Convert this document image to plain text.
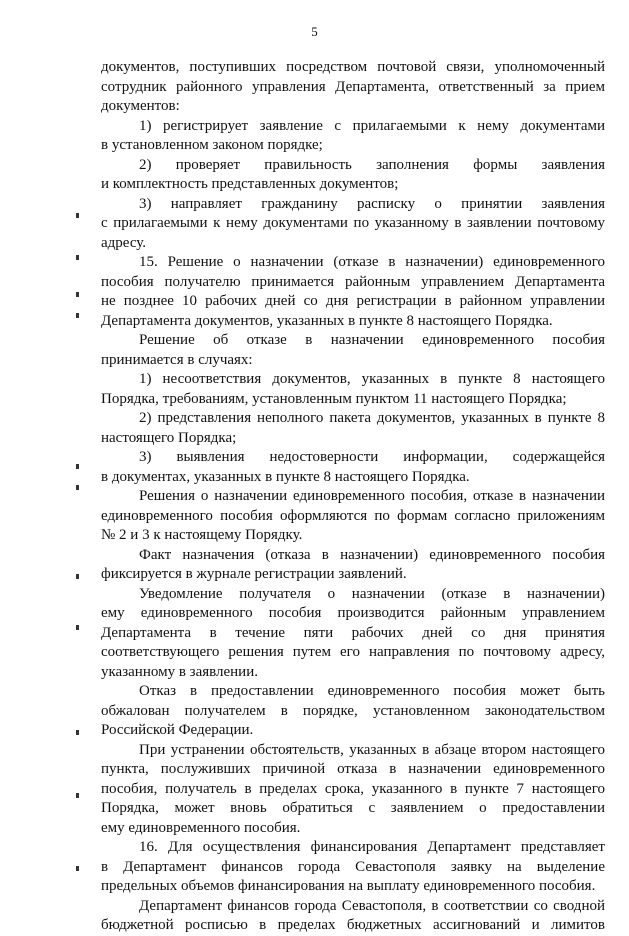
5
документов, поступивших посредством почтовой связи, уполномоченный
сотрудник районного управления Департамента, ответственный за прием
документов:
1) регистрирует заявление с прилагаемыми к нему документами
в установленном законом порядке;
2) проверяет правильность заполнения формы заявления
и комплектность представленных документов;
3) направляет гражданину расписку о принятии заявления
с прилагаемыми к нему документами по указанному в заявлении почтовому
адресу.
15. Решение о назначении (отказе в назначении) единовременного
пособия получателю принимается районным управлением Департамента
не позднее 10 рабочих дней со дня регистрации в районном управлении
Департамента документов, указанных в пункте 8 настоящего Порядка.
Решение об отказе в назначении единовременного пособия
принимается в случаях:
1) несоответствия документов, указанных в пункте 8 настоящего
Порядка, требованиям, установленным пунктом 11 настоящего Порядка;
2) представления неполного пакета документов, указанных в пункте 8
настоящего Порядка;
3) выявления недостоверности информации, содержащейся
в документах, указанных в пункте 8 настоящего Порядка.
Решения о назначении единовременного пособия, отказе в назначении
единовременного пособия оформляются по формам согласно приложениям
№ 2 и 3 к настоящему Порядку.
Факт назначения (отказа в назначении) единовременного пособия
фиксируется в журнале регистрации заявлений.
Уведомление получателя о назначении (отказе в назначении)
ему единовременного пособия производится районным управлением
Департамента в течение пяти рабочих дней со дня принятия
соответствующего решения путем его направления по почтовому адресу,
указанному в заявлении.
Отказ в предоставлении единовременного пособия может быть
обжалован получателем в порядке, установленном законодательством
Российской Федерации.
При устранении обстоятельств, указанных в абзаце втором настоящего
пункта, послуживших причиной отказа в назначении единовременного
пособия, получатель в пределах срока, указанного в пункте 7 настоящего
Порядка, может вновь обратиться с заявлением о предоставлении
ему единовременного пособия.
16. Для осуществления финансирования Департамент представляет
в Департамент финансов города Севастополя заявку на выделение
предельных объемов финансирования на выплату единовременного пособия.
Департамент финансов города Севастополя, в соответствии со сводной
бюджетной росписью в пределах бюджетных ассигнований и лимитов
